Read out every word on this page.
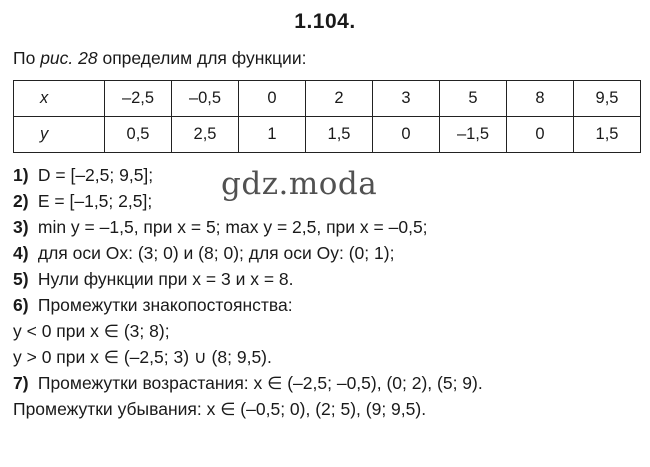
1.104.
По рис. 28 определим для функции:
x	–2,5	–0,5	0	2	3	5	8	9,5
y	0,5	2,5	1	1,5	0	–1,5	0	1,5
1) D = [–2,5; 9,5];
2) E = [–1,5; 2,5];
3) min y = –1,5, при x = 5; max y = 2,5, при x = –0,5;
4) для оси Ox: (3; 0) и (8; 0); для оси Oy: (0; 1);
5) Нули функции при x = 3 и x = 8.
6) Промежутки знакопостоянства:
y < 0 при x ∈ (3; 8);
y > 0 при x ∈ (–2,5; 3) ∪ (8; 9,5).
7) Промежутки возрастания: x ∈ (–2,5; –0,5), (0; 2), (5; 9).
Промежутки убывания: x ∈ (–0,5; 0), (2; 5), (9; 9,5).
gdz.moda
